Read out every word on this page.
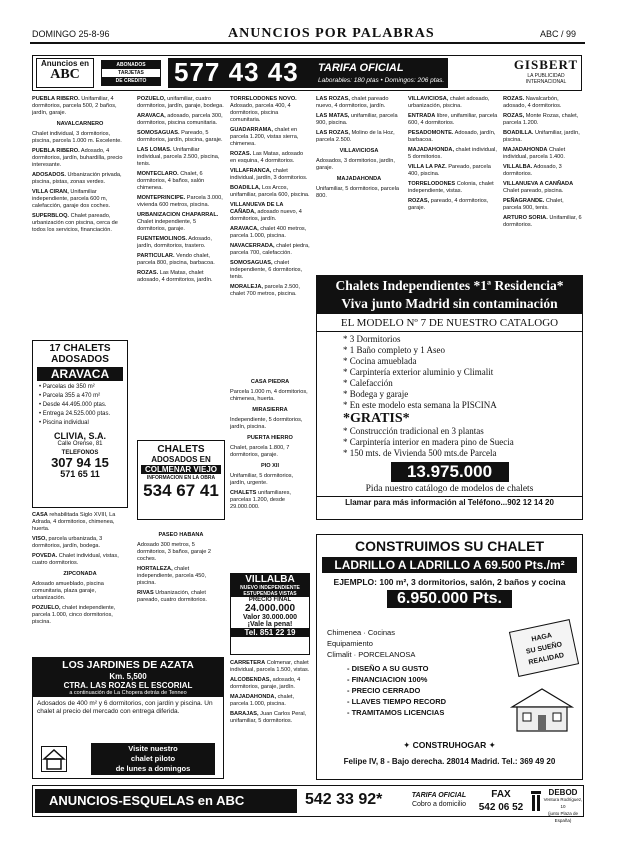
DOMINGO 25-8-96	ANUNCIOS POR PALABRAS	ABC / 99
Anuncios en
ABC
ABONADOS
TARJETAS
DE CREDITO	577 43 43 TARIFA OFICIAL
Laborables: 180 ptas • Domingos: 206 ptas.
GISBERT
LA PUBLICIDAD
INTERNACIONAL

PUEBLA RIBERO. Unifamiliar, 4 dormitorios, parcela 500, 2 baños, jardín, garaje.

NAVALCARNERO

Chalet individual, 3 dormitorios, piscina, parcela 1.000 m. Excelente.

PUEBLA RIBERO. Adosado, 4 dormitorios, jardín, buhardilla, precio interesante.

ADOSADOS. Urbanización privada, piscina, pistas, zonas verdes.

VILLA CIRAN, Unifamiliar independiente, parcela 600 m, calefacción, garaje dos coches.

SUPERBLOQ. Chalet pareado, urbanización con piscina, cerca de todos los servicios, financiación.

17 CHALETS
ADOSADOS
ARAVACA
• Parcelas de 350 m²
• Parcela 355 a 470 m²
• Desde 44.495.000 ptas.
• Entrega 24.525.000 ptas.
• Piscina individual
CLIVIA, S.A.
Calle Orense, 81
TELEFONOS
307 94 15
571 65 11

CASA rehabilitada Siglo XVIII, La Adrada, 4 dormitorios, chimenea, huerta.

VISO, parcela urbanizada, 3 dormitorios, jardín, bodega.

POVEDA. Chalet individual, vistas, cuatro dormitorios.

ZIPCONADA

Adosado amueblado, piscina comunitaria, plaza garaje, urbanización.

POZUELO, chalet independiente, parcela 1.000, cinco dormitorios, piscina.

POZUELO, unifamiliar, cuatro dormitorios, jardín, garaje, bodega.

ARAVACA, adosado, parcela 300, dormitorios, piscina comunitaria.

SOMOSAGUAS. Pareado, 5 dormitorios, jardín, piscina, garaje.

LAS LOMAS. Unifamiliar individual, parcela 2.500, piscina, tenis.

MONTECLARO. Chalet, 6 dormitorios, 4 baños, salón chimenea.

MONTEPRINCIPE. Parcela 3.000, vivienda 600 metros, piscina.

URBANIZACION CHAPARRAL. Chalet independiente, 5 dormitorios, garaje.

FUENTEMOLINOS. Adosado, jardín, dormitorios, trastero.

PARTICULAR. Vendo chalet, parcela 800, piscina, barbacoa.

ROZAS. Las Matas, chalet adosado, 4 dormitorios, jardín.

CHALETS
ADOSADOS EN
COLMENAR VIEJO
INFORMACION EN LA OBRA
534 67 41

PASEO HABANA

Adosado 300 metros, 5 dormitorios, 3 baños, garaje 2 coches.

HORTALEZA, chalet independiente, parcela 450, piscina.

RIVAS Urbanización, chalet pareado, cuatro dormitorios.

TORRELODONES NOVO. Adosado, parcela 400, 4 dormitorios, piscina comunitaria.

GUADARRAMA, chalet en parcela 1.200, vistas sierra, chimenea.

ROZAS. Las Matas, adosado en esquina, 4 dormitorios.

VILLAFRANCA, chalet individual, jardín, 3 dormitorios.

BOADILLA, Los Arcos, unifamiliar, parcela 600, piscina.

VILLANUEVA DE LA CAÑADA, adosado nuevo, 4 dormitorios, jardín.

ARAVACA, chalet 400 metros, parcela 1.000, piscina.

NAVACERRADA, chalet piedra, parcela 700, calefacción.

SOMOSAGUAS, chalet independiente, 6 dormitorios, tenis.

MORALEJA, parcela 2.500, chalet 700 metros, piscina.

CASA PIEDRA

Parcela 1.000 m, 4 dormitorios, chimenea, huerta.

MIRASIERRA

Independiente, 5 dormitorios, jardín, piscina.

PUERTA HIERRO

Chalet, parcela 1.800, 7 dormitorios, garaje.

PIO XII

Unifamiliar, 5 dormitorios, jardín, urgente.

CHALETS unifamiliares, parcelas 1.200, desde 29.000.000.

VILLALBA
NUEVO INDEPENDIENTE
ESTUPENDAS VISTAS
PRECIO FINAL
24.000.000
Valor 30.000.000
¡Vale la pena!
Tel. 851 22 19

CARRETERA Colmenar, chalet individual, parcela 1.500, vistas.

ALCOBENDAS, adosado, 4 dormitorios, garaje, jardín.

MAJADAHONDA, chalet, parcela 1.000, piscina.

BARAJAS, Juan Carlos Peral, unifamiliar, 5 dormitorios.

LAS ROZAS, chalet pareado nuevo, 4 dormitorios, jardín.

LAS MATAS, unifamiliar, parcela 900, piscina.

LAS ROZAS, Molino de la Hoz, parcela 2.500.

VILLAVICIOSA

Adosados, 3 dormitorios, jardín, garaje.

MAJADAHONDA

Unifamiliar, 5 dormitorios, parcela 800.

VILLAVICIOSA, chalet adosado, urbanización, piscina.

ENTRADA libre, unifamiliar, parcela 600, 4 dormitorios.

PESADOMONTE. Adosado, jardín, barbacoa.

MAJADAHONDA, chalet individual, 5 dormitorios.

VILLA LA PAZ. Pareado, parcela 400, piscina.

TORRELODONES Colonia, chalet independiente, vistas.

ROZAS, pareado, 4 dormitorios, garaje.

ROZAS. Navalcarbón, adosado, 4 dormitorios.

ROZAS, Monte Rozas, chalet, parcela 1.200.

BOADILLA. Unifamiliar, jardín, piscina.

MAJADAHONDA Chalet individual, parcela 1.400.

VILLALBA. Adosado, 3 dormitorios.

VILLANUEVA A CANÑADA Chalet pareado, piscina.

PEÑAGRANDE. Chalet, parcela 900, tenis.

ARTURO SORIA. Unifamiliar, 6 dormitorios.

Chalets Independientes *1ª Residencia*
Viva junto Madrid sin contaminación
EL MODELO Nº 7 DE NUESTRO CATALOGO
* 3 Dormitorios
* 1 Baño completo y 1 Aseo
* Cocina amueblada
* Carpintería exterior aluminio y Climalit
* Calefacción
* Bodega y garaje
* En este modelo esta semana la PISCINA
*GRATIS*
* Construcción tradicional en 3 plantas
* Carpintería interior en madera pino de Suecia
* 150 mts. de Vivienda 500 mts.de Parcela
13.975.000
Pida nuestro catálogo de modelos de chalets
Llamar para más información al Teléfono...902 12 14 20
CONSTRUIMOS SU CHALET
LADRILLO A LADRILLO A 69.500 Pts./m²
EJEMPLO: 100 m², 3 dormitorios, salón, 2 baños y cocina
6.950.000 Pts.
Chimenea · Cocinas
Equipamiento
Climalit · PORCELANOSA
HAGA
SU SUEÑO
REALIDAD
- DISEÑO A SU GUSTO
- FINANCIACION 100%
- PRECIO CERRADO
- LLAVES TIEMPO RECORD
- TRAMITAMOS LICENCIAS
✦ CONSTRUHOGAR ✦
Felipe IV, 8 - Bajo derecha. 28014 Madrid. Tel.: 369 49 20
LOS JARDINES DE AZATA
Km. 5,500
CTRA. LAS ROZAS EL ESCORIAL
a continuación de La Chopera detrás de Tenneo
Adosados de 400 m² y 6 dormitorios, con jardín y piscina. Un chalet al precio del mercado con entrega diferida.
Visite nuestro
chalet piloto
de lunes a domingos
ANUNCIOS-ESQUELAS en ABC	542 33 92*	TARIFA OFICIAL
Cobro a domicilio
FAX
542 06 52
DEBOD
Ventura Rodríguez, 10
(junto Plaza de España)
